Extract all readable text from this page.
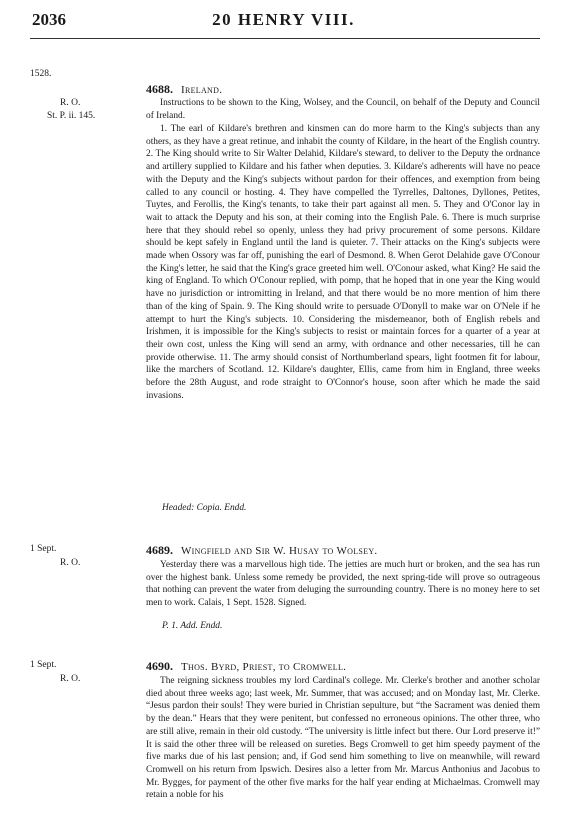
2036	20 HENRY VIII.
1528.
4688. Ireland.
R. O.
St. P. ii. 145.

Instructions to be shown to the King, Wolsey, and the Council, on behalf of the Deputy and Council of Ireland.

1. The earl of Kildare's brethren and kinsmen can do more harm to the King's subjects than any others, as they have a great retinue, and inhabit the county of Kildare, in the heart of the English country. 2. The King should write to Sir Walter Delahid, Kildare's steward, to deliver to the Deputy the ordnance and artillery supplied to Kildare and his father when deputies. 3. Kildare's adherents will have no peace with the Deputy and the King's subjects without pardon for their offences, and exemption from being called to any council or hosting. 4. They have compelled the Tyrrelles, Daltones, Dyllones, Petites, Tuytes, and Ferollis, the King's tenants, to take their part against all men. 5. They and O'Conor lay in wait to attack the Deputy and his son, at their coming into the English Pale. 6. There is much surprise here that they should rebel so openly, unless they had privy procurement of some persons. Kildare should be kept safely in England until the land is quieter. 7. Their attacks on the King's subjects were made when Ossory was far off, punishing the earl of Desmond. 8. When Gerot Delahide gave O'Conour the King's letter, he said that the King's grace greeted him well. O'Conour asked, what King? He said the king of England. To which O'Conour replied, with pomp, that he hoped that in one year the King would have no jurisdiction or intromitting in Ireland, and that there would be no more mention of him there than of the king of Spain. 9. The King should write to persuade O'Donyll to make war on O'Nele if he attempt to hurt the King's subjects. 10. Considering the misdemeanor, both of English rebels and Irishmen, it is impossible for the King's subjects to resist or maintain forces for a quarter of a year at their own cost, unless the King will send an army, with ordnance and other necessaries, till he can provide otherwise. 11. The army should consist of Northumberland spears, light footmen fit for labour, like the marchers of Scotland. 12. Kildare's daughter, Ellis, came from him in England, three weeks before the 28th August, and rode straight to O'Connor's house, soon after which he made the said invasions.

Headed: Copia. Endd.
1 Sept.
R. O.
4689. Wingfield and Sir W. Husay to Wolsey.

Yesterday there was a marvellous high tide. The jetties are much hurt or broken, and the sea has run over the highest bank. Unless some remedy be provided, the next spring-tide will prove so outrageous that nothing can prevent the water from deluging the surrounding country. There is no money here to set men to work. Calais, 1 Sept. 1528. Signed.

P. 1. Add. Endd.
1 Sept.
R. O.
4690. Thos. Byrd, Priest, to Cromwell.

The reigning sickness troubles my lord Cardinal's college. Mr. Clerke's brother and another scholar died about three weeks ago; last week, Mr. Summer, that was accused; and on Monday last, Mr. Clerke. “Jesus pardon their souls! They were buried in Christian sepulture, but “the Sacrament was denied them by the dean.” Hears that they were penitent, but confessed no erroneous opinions. The other three, who are still alive, remain in their old custody. “The university is little infect but there. Our Lord preserve it!” It is said the other three will be released on sureties. Begs Cromwell to get him speedy payment of the five marks due of his last pension; and, if God send him something to live on meanwhile, will reward Cromwell on his return from Ipswich. Desires also a letter from Mr. Marcus Anthonius and Jacobus to Mr. Bygges, for payment of the other five marks for the half year ending at Michaelmas. Cromwell may retain a noble for his
